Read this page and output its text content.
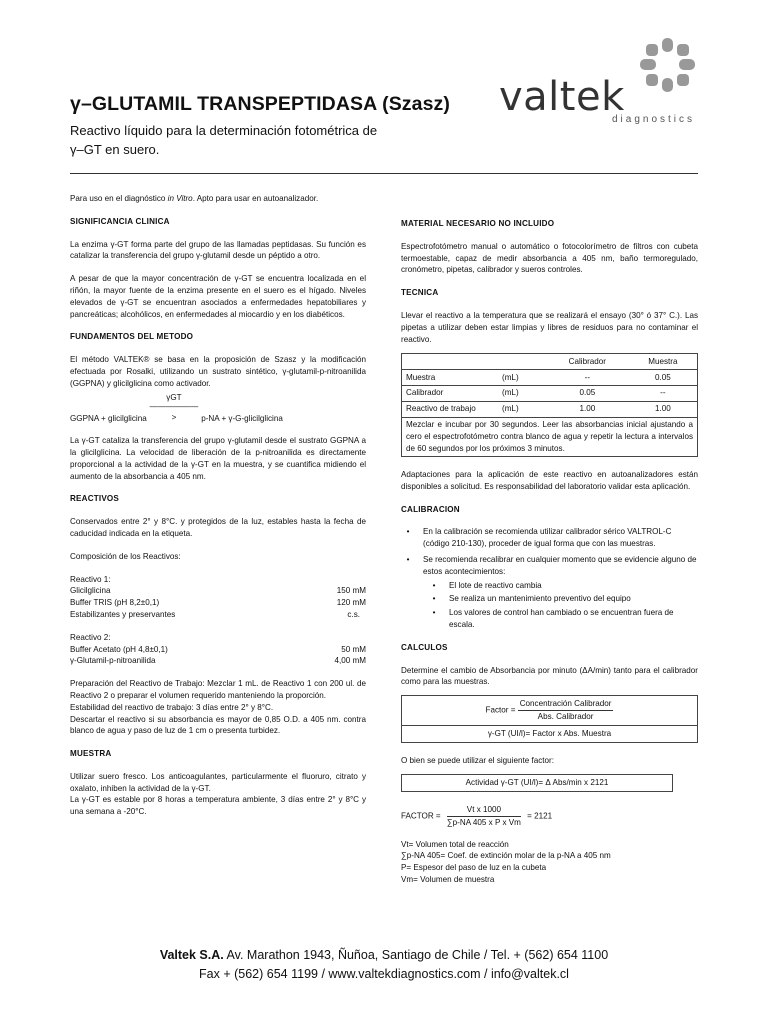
γ–GLUTAMIL TRANSPEPTIDASA (Szasz)
Reactivo líquido para la determinación fotométrica de
γ–GT en suero.
valtek
diagnostics

Para uso en el diagnóstico in Vitro. Apto para usar en autoanalizador.

SIGNIFICANCIA CLINICA

La enzima γ-GT forma parte del grupo de las llamadas peptidasas. Su función es catalizar la transferencia del grupo γ-glutamil desde un péptido a otro.

A pesar de que la mayor concentración de γ-GT se encuentra localizada en el riñón, la mayor fuente de la enzima presente en el suero es el hígado. Niveles elevados de γ-GT se encuentran asociados a enfermedades hepatobiliares y pancreáticas; alcohólicos, en enfermedades al miocardio y en los diabéticos.

FUNDAMENTOS DEL METODO

El método VALTEK® se basa en la proposición de Szasz y la modificación efectuada por Rosalki, utilizando un sustrato sintético, γ-glutamil-p-nitroanilida (GGPNA) y glicilglicina como activador.

GGPNA + glicilglicina
γGT
——————>	p-NA + γ-G-glicilglicina

La γ-GT cataliza la transferencia del grupo γ-glutamil desde el sustrato GGPNA a la glicilglicina. La velocidad de liberación de la p-nitroanilida es directamente proporcional a la actividad de la γ-GT en la muestra, y se cuantifica midiendo el aumento de la absorbancia a 405 nm.

REACTIVOS

Conservados entre 2° y 8°C. y protegidos de la luz, estables hasta la fecha de caducidad indicada en la etiqueta.

Composición de los Reactivos:

Reactivo 1:
Glicilglicina	150 mM
Buffer TRIS (pH 8,2±0,1)	120 mM
Estabilizantes y preservantes	c.s.
Reactivo 2:
Buffer Acetato (pH 4,8±0,1)	50 mM
γ-Glutamil-p-nitroanilida	4,00 mM

Preparación del Reactivo de Trabajo: Mezclar 1 mL. de Reactivo 1 con 200 ul. de Reactivo 2 o preparar el volumen requerido manteniendo la proporción.
Estabilidad del reactivo de trabajo: 3 días entre 2° y 8°C.
Descartar el reactivo si su absorbancia es mayor de 0,85 O.D. a 405 nm. contra blanco de agua y paso de luz de 1 cm o presenta turbidez.

MUESTRA

Utilizar suero fresco. Los anticoagulantes, particularmente el fluoruro, citrato y oxalato, inhiben la actividad de la γ-GT.
La γ-GT es estable por 8 horas a temperatura ambiente, 3 días entre 2° y 8°C y una semana a -20°C.

MATERIAL NECESARIO NO INCLUIDO

Espectrofotómetro manual o automático o fotocolorímetro de filtros con cubeta termoestable, capaz de medir absorbancia a 405 nm, baño termoregulado, cronómetro, pipetas, calibrador y sueros controles.

TECNICA

Llevar el reactivo a la temperatura que se realizará el ensayo (30° ó 37° C.). Las pipetas a utilizar deben estar limpias y libres de residuos para no contaminar el reactivo.

		Calibrador	Muestra
Muestra	(mL)	--	0.05
Calibrador	(mL)	0.05	--
Reactivo de trabajo	(mL)	1.00	1.00
Mezclar e incubar por 30 segundos. Leer las absorbancias inicial ajustando a cero el espectrofotómetro contra blanco de agua y repetir la lectura a intervalos de 60 segundos por los próximos 3 minutos.			

Adaptaciones para la aplicación de este reactivo en autoanalizadores están disponibles a solicitud. Es responsabilidad del laboratorio validar esta aplicación.

CALIBRACION
•	En la calibración se recomienda utilizar calibrador sérico VALTROL-C (código 210-130), proceder de igual forma que con las muestras.
•	Se recomienda recalibrar en cualquier momento que se evidencie alguno de estos acontecimientos:
•	El lote de reactivo cambia
•	Se realiza un mantenimiento preventivo del equipo
•	Los valores de control han cambiado o se encuentran fuera de escala.
CALCULOS

Determine el cambio de Absorbancia por minuto (ΔA/min) tanto para el calibrador como para las muestras.

Factor = $\frac{\text{Concentración Calibrador}}{\text{Abs. Calibrador}}$
γ-GT (UI/l)= Factor x Abs. Muestra

O bien se puede utilizar el siguiente factor:

Actividad γ-GT (UI/l)= Δ Abs/min x 2121
FACTOR = $\frac{\text{Vt x 1000}}{\text{∑p-NA 405 x P x Vm}} = 2121$
Vt= Volumen total de reacción
∑p-NA 405= Coef. de extinción molar de la p-NA a 405 nm
P= Espesor del paso de luz en la cubeta
Vm= Volumen de muestra
Valtek S.A. Av. Marathon 1943, Ñuñoa, Santiago de Chile / Tel. + (562) 654 1100
Fax + (562) 654 1199 / www.valtekdiagnostics.com / info@valtek.cl
